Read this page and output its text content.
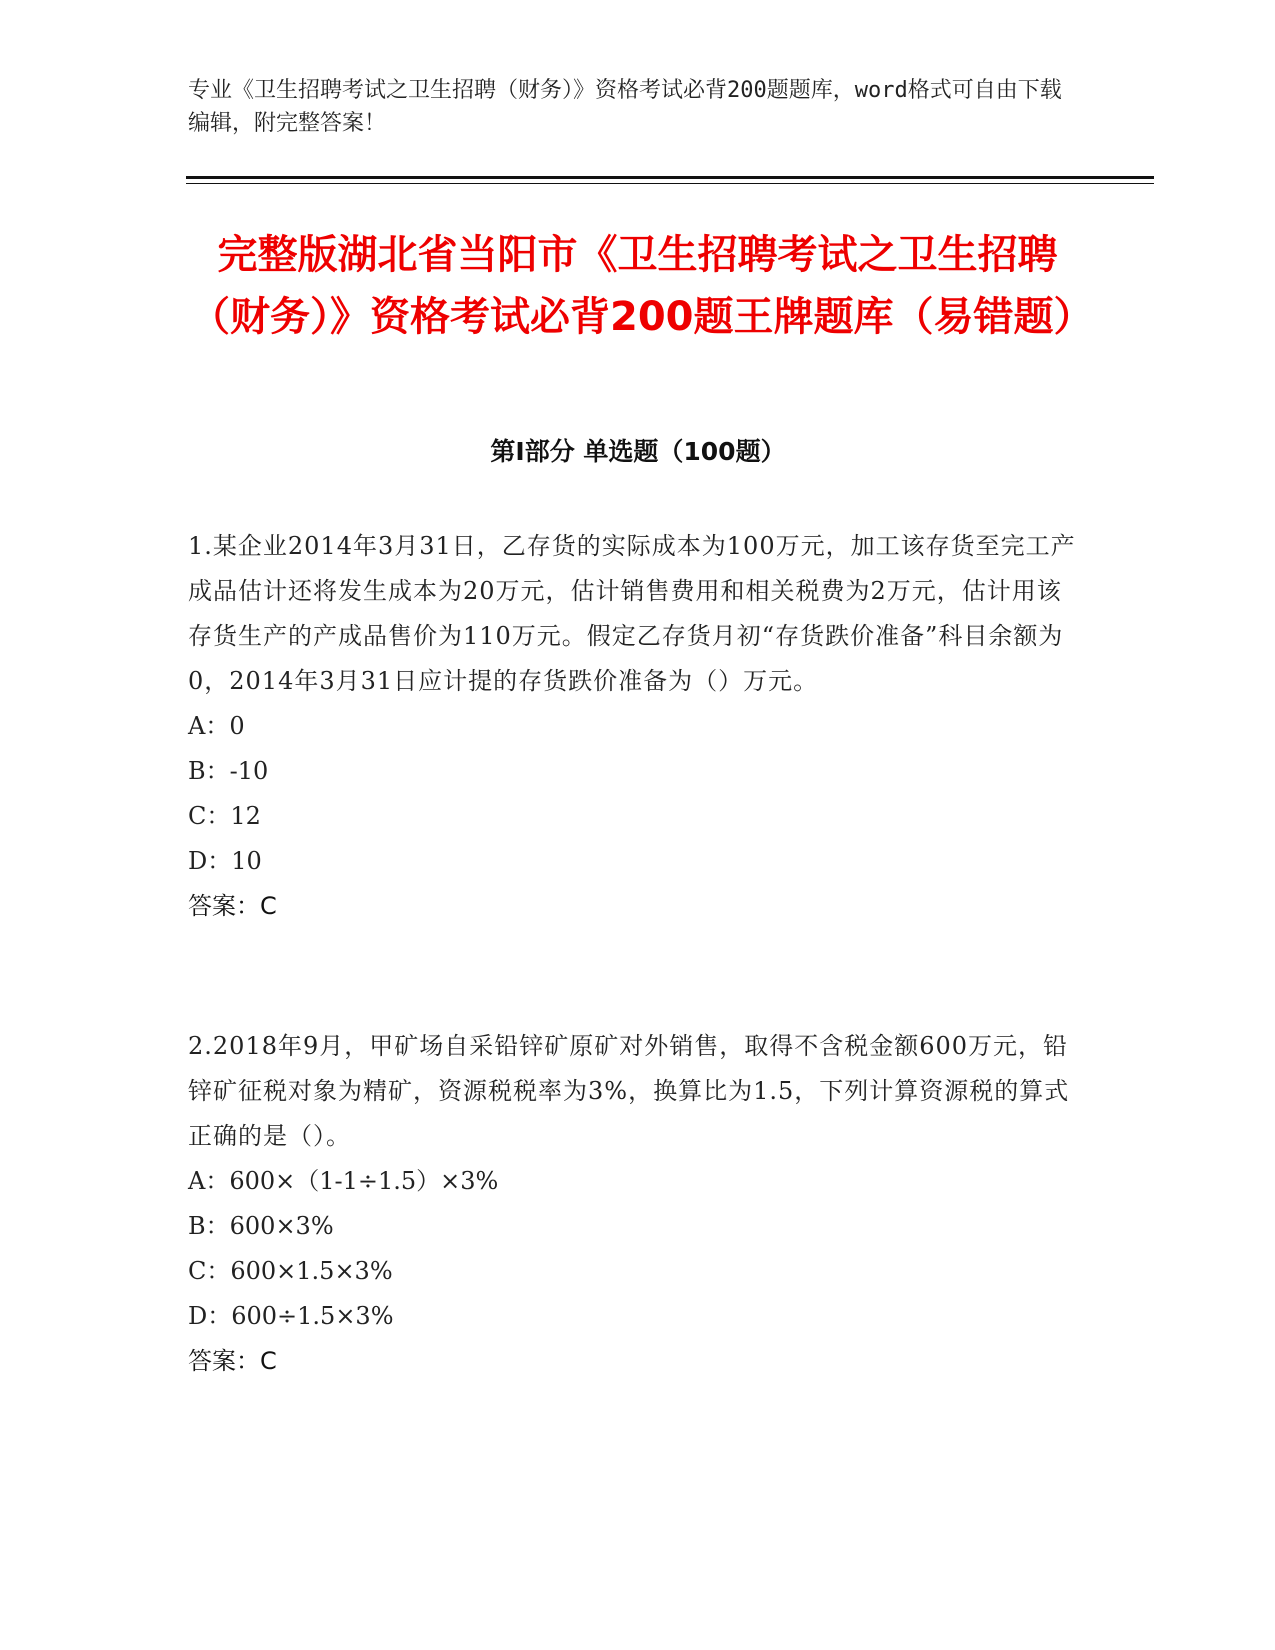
专业《卫生招聘考试之卫生招聘（财务）》资格考试必背200题题库，word格式可自由下载编辑，附完整答案！
完整版湖北省当阳市《卫生招聘考试之卫生招聘（财务）》资格考试必背200题王牌题库（易错题）
第Ⅰ部分 单选题（100题）
1.某企业2014年3月31日，乙存货的实际成本为100万元，加工该存货至完工产成品估计还将发生成本为20万元，估计销售费用和相关税费为2万元，估计用该存货生产的产成品售价为110万元。假定乙存货月初“存货跌价准备”科目余额为0，2014年3月31日应计提的存货跌价准备为（）万元。
A：0
B：-10
C：12
D：10
答案：C
2.2018年9月，甲矿场自采铅锌矿原矿对外销售，取得不含税金额600万元，铅锌矿征税对象为精矿，资源税税率为3%，换算比为1.5，下列计算资源税的算式正确的是（）。
A：600×（1-1÷1.5）×3%
B：600×3%
C：600×1.5×3%
D：600÷1.5×3%
答案：C
